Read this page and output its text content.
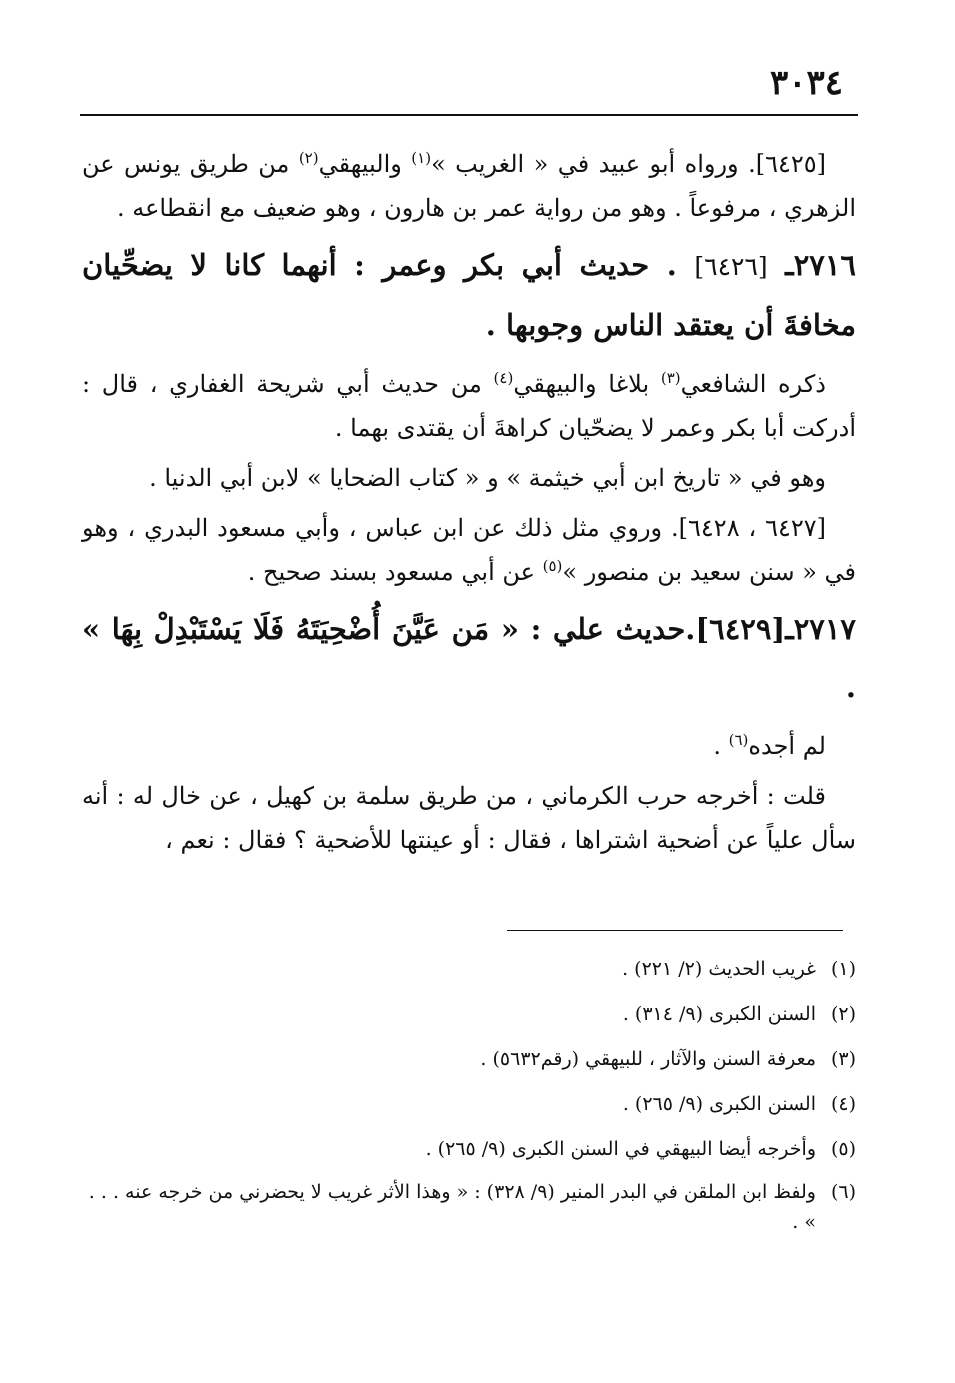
٣٠٣٤

[٦٤٢٥]. ورواه أبو عبيد في « الغريب »$^{(١)}$ والبيهقي$^{(٢)}$ من طريق يونس عن الزهري ، مرفوعاً . وهو من رواية عمر بن هارون ، وهو ضعيف مع انقطاعه .

٢٧١٦ـ [٦٤٢٦] . حديث أبي بكر وعمر : أنهما كانا لا يضحِّيان مخافةَ أن يعتقد الناس وجوبها .

ذكره الشافعي$^{(٣)}$ بلاغا والبيهقي$^{(٤)}$ من حديث أبي شريحة الغفاري ، قال : أدركت أبا بكر وعمر لا يضحّيان كراهةَ أن يقتدى بهما .

وهو في « تاريخ ابن أبي خيثمة » و « كتاب الضحايا » لابن أبي الدنيا .

[٦٤٢٧ ، ٦٤٢٨]. وروي مثل ذلك عن ابن عباس ، وأبي مسعود البدري ، وهو في « سنن سعيد بن منصور »$^{(٥)}$ عن أبي مسعود بسند صحيح .

٢٧١٧ـ[٦٤٢٩].حديث علي : « مَن عَيَّنَ أُضْحِيَتَهُ فَلَا يَسْتَبْدِلْ بِهَا » .

لم أجده$^{(٦)}$ .

قلت : أخرجه حرب الكرماني ، من طريق سلمة بن كهيل ، عن خال له : أنه سأل علياً عن أضحية اشتراها ، فقال : أو عينتها للأضحية ؟ فقال : نعم ،

(١)
غريب الحديث (٢/ ٢٢١) .
(٢)
السنن الكبرى (٩/ ٣١٤) .
(٣)
معرفة السنن والآثار ، للبيهقي (رقم٥٦٣٢) .
(٤)
السنن الكبرى (٩/ ٢٦٥) .
(٥)
وأخرجه أيضا البيهقي في السنن الكبرى (٩/ ٢٦٥) .
(٦)
ولفظ ابن الملقن في البدر المنير (٩/ ٣٢٨) : « وهذا الأثر غريب لا يحضرني من خرجه عنه . . . » .
